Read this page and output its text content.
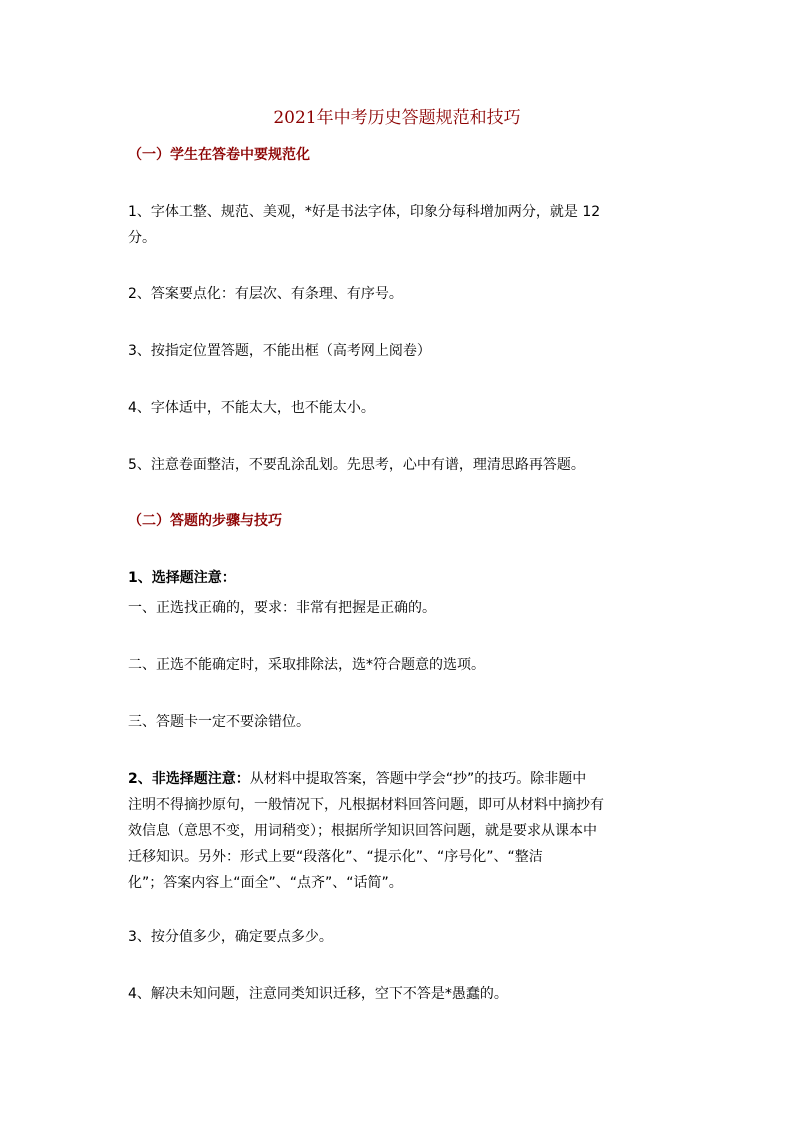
2021年中考历史答题规范和技巧
（一）学生在答卷中要规范化
1、字体工整、规范、美观，*好是书法字体，印象分每科增加两分，就是 12
分。
2、答案要点化：有层次、有条理、有序号。
3、按指定位置答题，不能出框（高考网上阅卷）
4、字体适中，不能太大，也不能太小。
5、注意卷面整洁，不要乱涂乱划。先思考，心中有谱，理清思路再答题。
（二）答题的步骤与技巧
1、选择题注意：
一、正选找正确的，要求：非常有把握是正确的。
二、正选不能确定时，采取排除法，选*符合题意的选项。
三、答题卡一定不要涂错位。
2、非选择题注意：从材料中提取答案，答题中学会“抄”的技巧。除非题中
注明不得摘抄原句，一般情况下，凡根据材料回答问题，即可从材料中摘抄有
效信息（意思不变，用词稍变）；根据所学知识回答问题，就是要求从课本中
迁移知识。另外：形式上要“段落化”、“提示化”、“序号化”、“整洁
化”；答案内容上“面全”、“点齐”、“话简”。
3、按分值多少，确定要点多少。
4、解决未知问题，注意同类知识迁移，空下不答是*愚蠢的。
